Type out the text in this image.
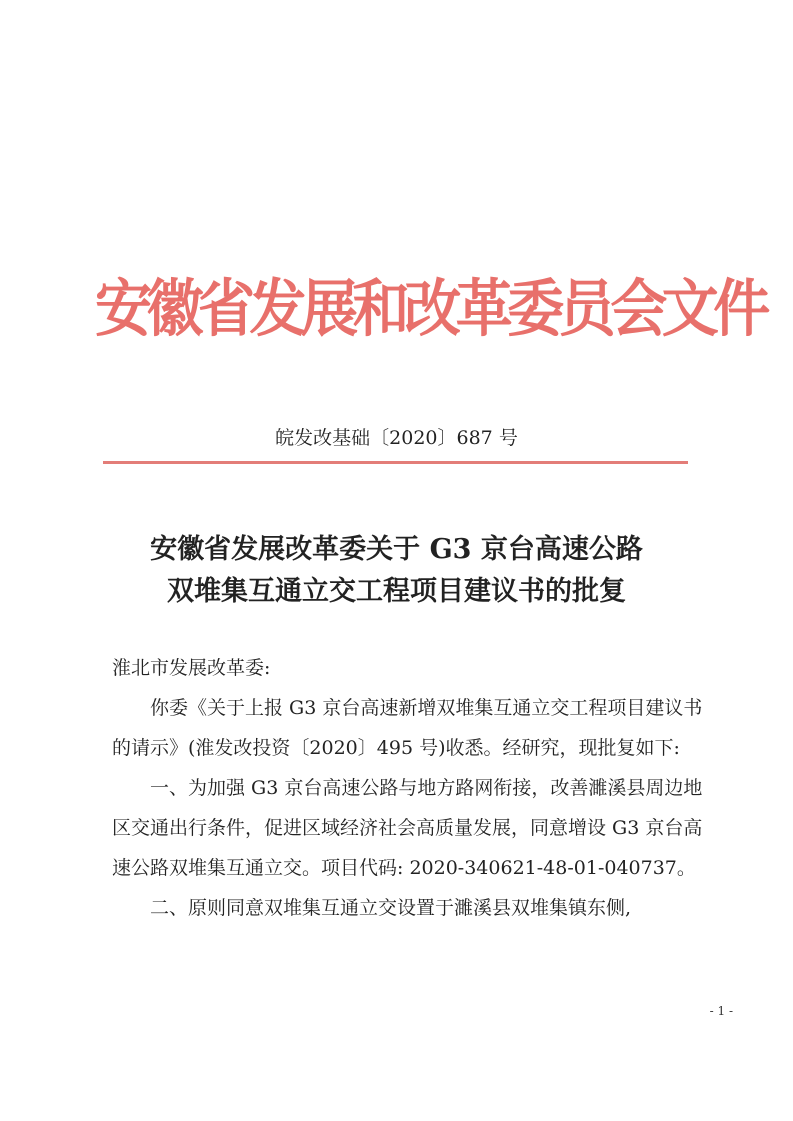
安徽省发展和改革委员会文件
皖发改基础〔2020〕687 号
安徽省发展改革委关于 G3 京台高速公路
双堆集互通立交工程项目建议书的批复

淮北市发展改革委:

你委《关于上报 G3 京台高速新增双堆集互通立交工程项目建议书的请示》(淮发改投资〔2020〕495 号)收悉。经研究，现批复如下:

一、为加强 G3 京台高速公路与地方路网衔接，改善濉溪县周边地区交通出行条件，促进区域经济社会高质量发展，同意增设 G3 京台高速公路双堆集互通立交。项目代码: 2020-340621-48-01-040737。

二、原则同意双堆集互通立交设置于濉溪县双堆集镇东侧,

- 1 -
